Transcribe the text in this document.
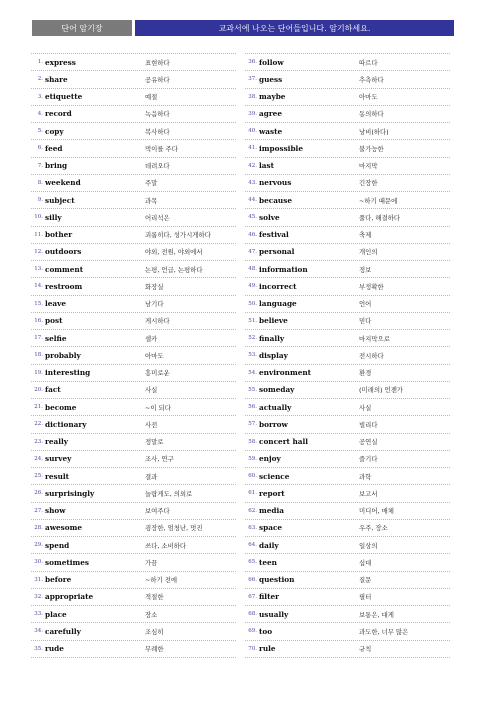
단어 암기장	교과서에 나오는 단어들입니다. 암기하세요.
1. express	표현하다
2. share	공유하다
3. etiquette	예절
4. record	녹음하다
5. copy	복사하다
6. feed	먹이를 주다
7. bring	데려오다
8. weekend	주말
9. subject	과목
10. silly	어리석은
11. bother	괴롭히다, 성가시게하다
12. outdoors	야외, 전원, 야외에서
13. comment	논평, 언급, 논평하다
14. restroom	화장실
15. leave	남기다
16. post	게시하다
17. selfie	셀카
18. probably	아마도
19. interesting	흥미로운
20. fact	사실
21. become	~이 되다
22. dictionary	사전
23. really	정말로
24. survey	조사, 연구
25. result	결과
26. surprisingly	놀랍게도, 의외로
27. show	보여주다
28. awesome	굉장한, 엄청난, 멋진
29. spend	쓰다, 소비하다
30. sometimes	가끔
31. before	~하기 전에
32. appropriate	적절한
33. place	장소
34. carefully	조심히
35. rude	무례한
36. follow	따르다
37. guess	추측하다
38. maybe	아마도
39. agree	동의하다
40. waste	낭비(하다)
41. impossible	불가능한
42. last	마지막
43. nervous	긴장한
44. because	~하기 때문에
45. solve	풀다, 해결하다
46. festival	축제
47. personal	개인의
48. information	정보
49. incorrect	부정확한
50. language	언어
51. believe	믿다
52. finally	마지막으로
53. display	전시하다
54. environment	환경
55. someday	(미래의) 언젠가
56. actually	사실
57. borrow	빌리다
58. concert hall	공연실
59. enjoy	즐기다
60. science	과학
61. report	보고서
62. media	미디어, 매체
63. space	우주, 장소
64. daily	일상의
65. teen	십대
66. question	질문
67. filter	필터
68. usually	보통은, 대게
69. too	과도한, 너무 많은
70. rule	규칙
